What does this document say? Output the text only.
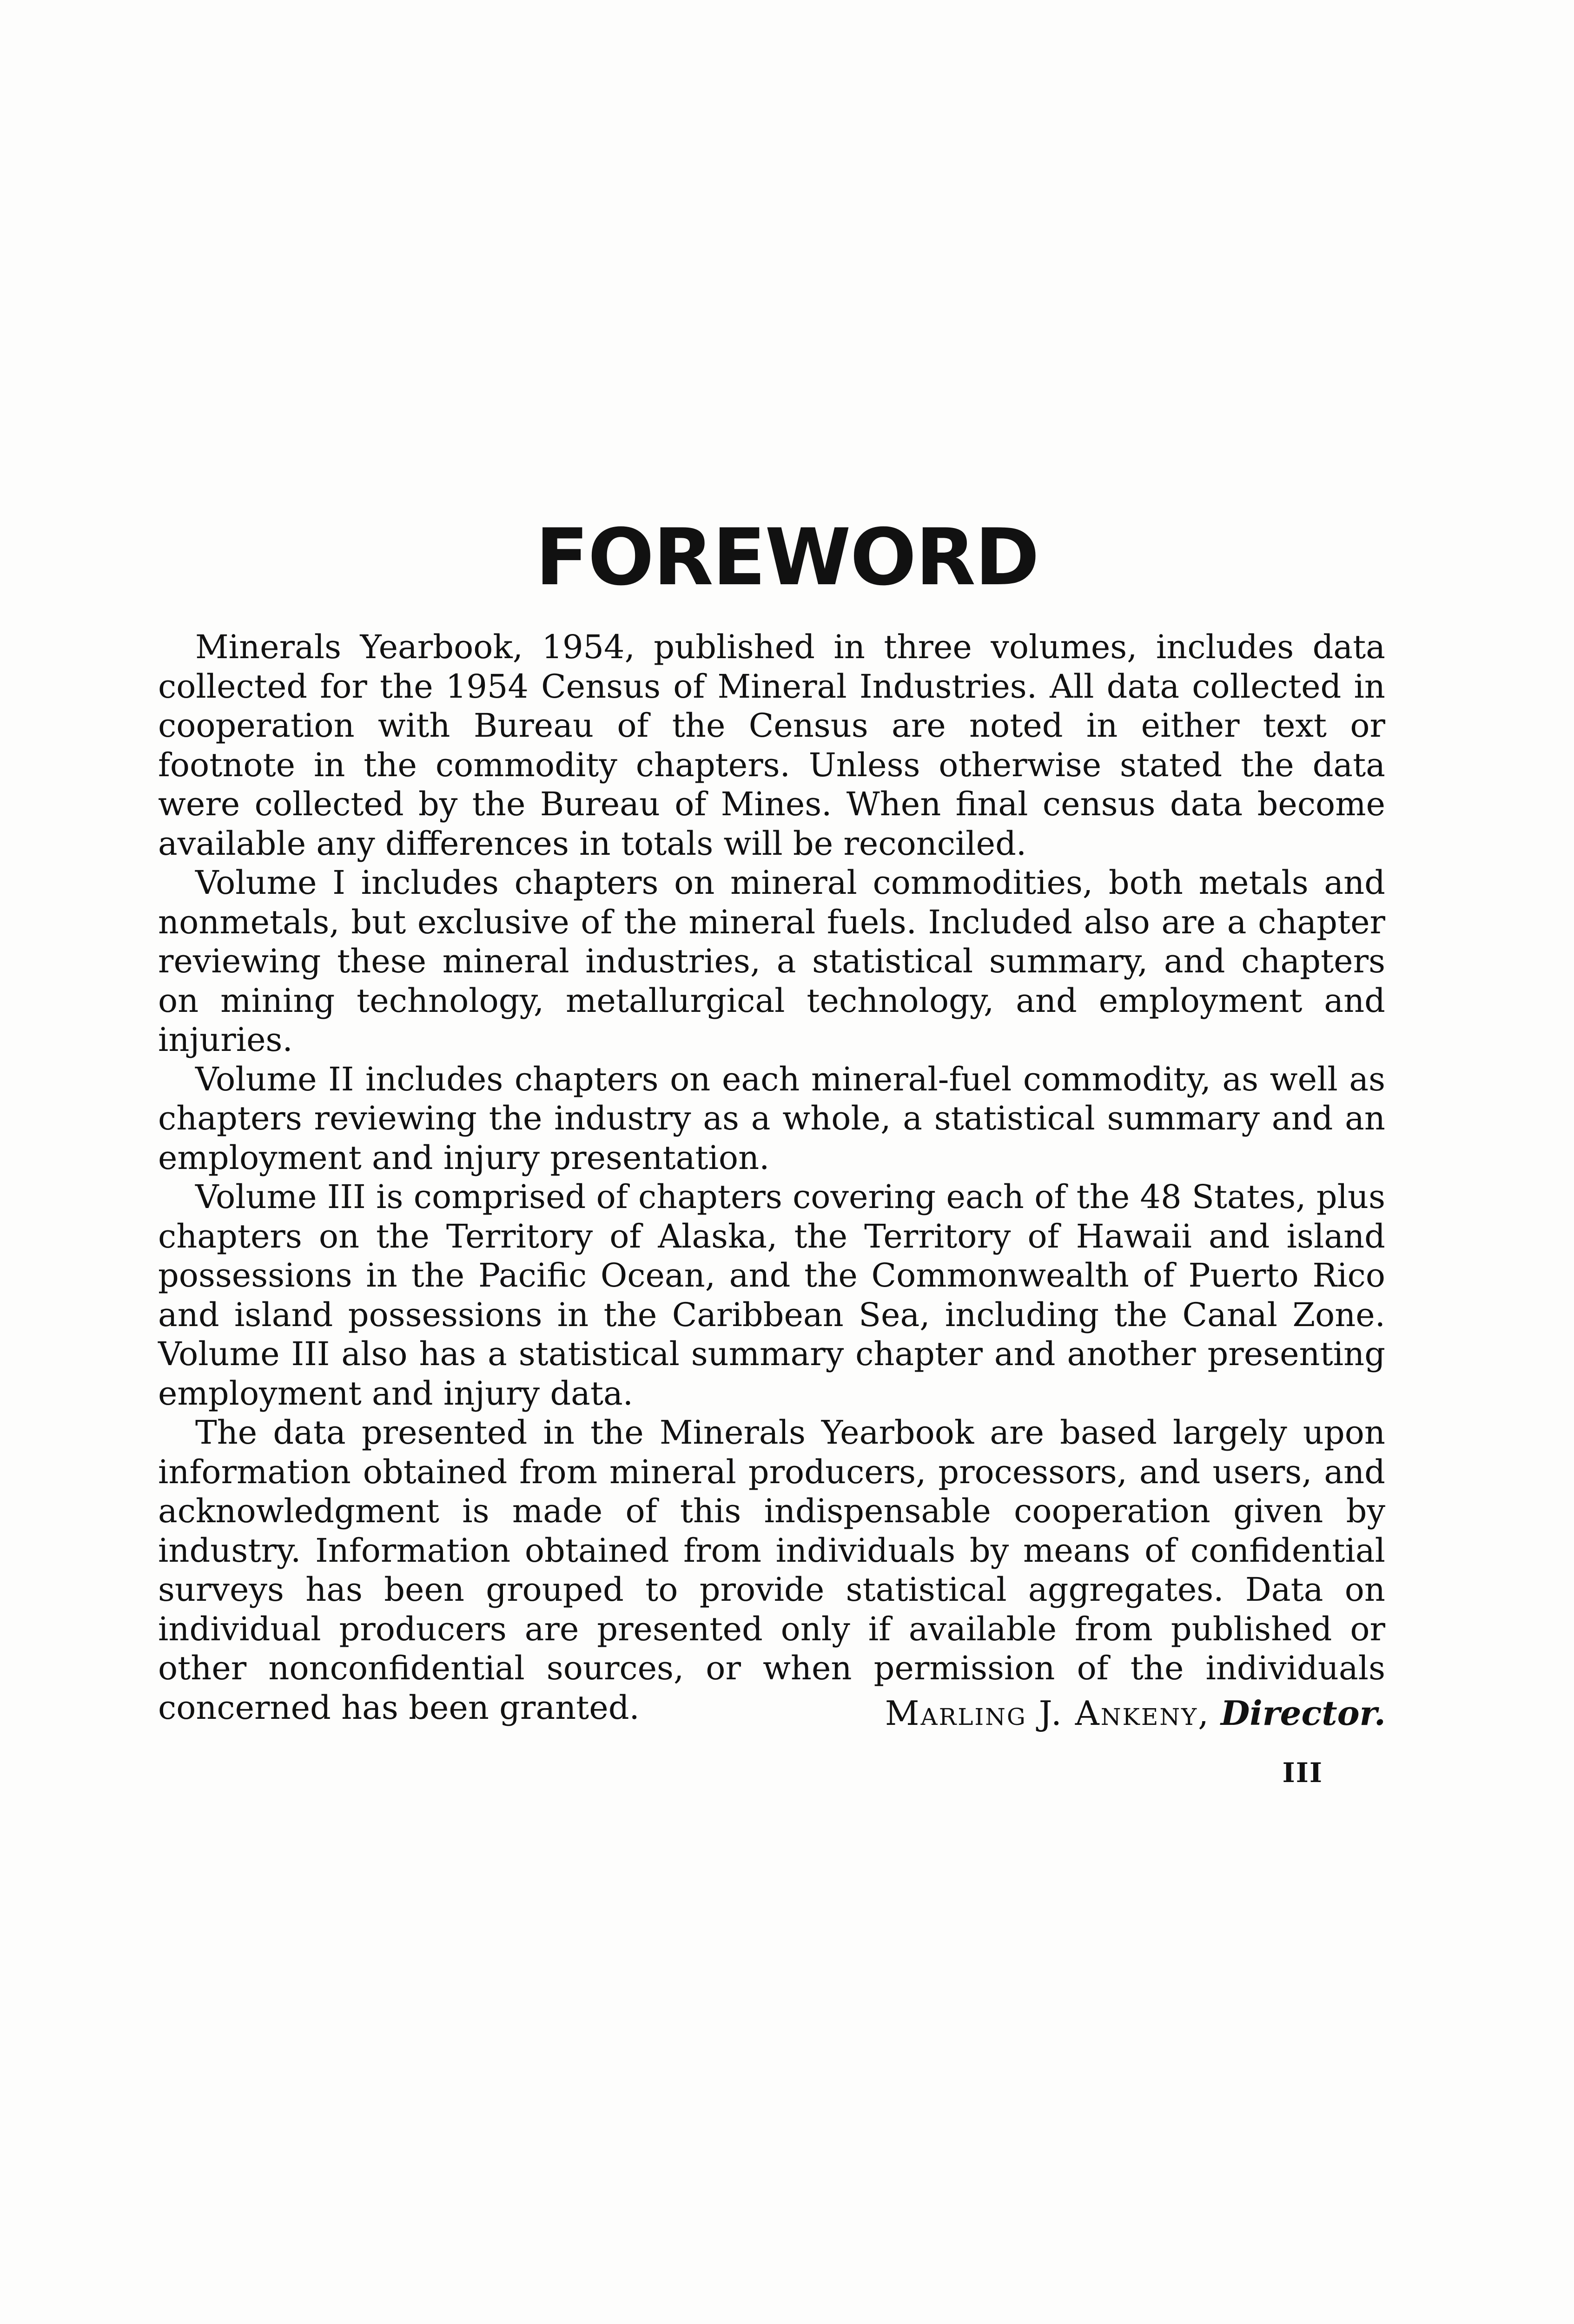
FOREWORD

Minerals Yearbook, 1954, published in three volumes, includes data collected for the 1954 Census of Mineral Industries. All data collected in cooperation with Bureau of the Census are noted in either text or footnote in the commodity chapters. Unless otherwise stated the data were collected by the Bureau of Mines. When final census data become available any differences in totals will be reconciled.

Volume I includes chapters on mineral commodities, both metals and nonmetals, but exclusive of the mineral fuels. Included also are a chapter reviewing these mineral industries, a statistical summary, and chapters on mining technology, metallurgical technology, and employment and injuries.

Volume II includes chapters on each mineral-fuel commodity, as well as chapters reviewing the industry as a whole, a statistical summary and an employment and injury presentation.

Volume III is comprised of chapters covering each of the 48 States, plus chapters on the Territory of Alaska, the Territory of Hawaii and island possessions in the Pacific Ocean, and the Commonwealth of Puerto Rico and island possessions in the Caribbean Sea, including the Canal Zone. Volume III also has a statistical summary chapter and another presenting employment and injury data.

The data presented in the Minerals Yearbook are based largely upon information obtained from mineral producers, processors, and users, and acknowledgment is made of this indispensable cooperation given by industry. Information obtained from individuals by means of confidential surveys has been grouped to provide statistical aggregates. Data on individual producers are presented only if available from published or other nonconfidential sources, or when permission of the individuals concerned has been granted.	Marling J. Ankeny, Director.
III
